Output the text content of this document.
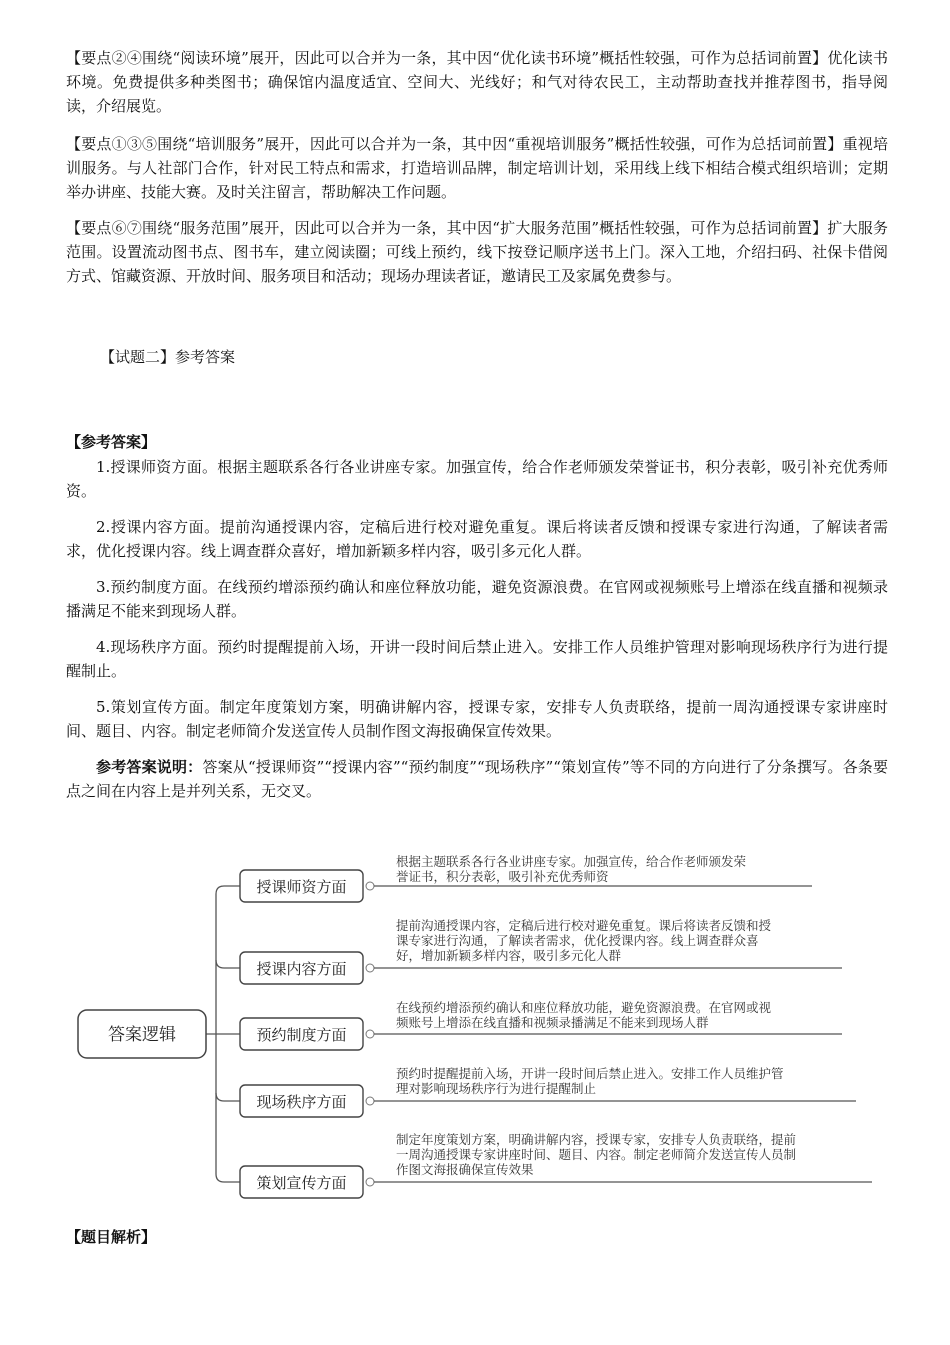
【要点②④围绕“阅读环境”展开，因此可以合并为一条，其中因“优化读书环境”概括性较强，可作为总括词前置】优化读书环境。免费提供多种类图书；确保馆内温度适宜、空间大、光线好；和气对待农民工，主动帮助查找并推荐图书，指导阅读，介绍展览。

【要点①③⑤围绕“培训服务”展开，因此可以合并为一条，其中因“重视培训服务”概括性较强，可作为总括词前置】重视培训服务。与人社部门合作，针对民工特点和需求，打造培训品牌，制定培训计划，采用线上线下相结合模式组织培训；定期举办讲座、技能大赛。及时关注留言，帮助解决工作问题。

【要点⑥⑦围绕“服务范围”展开，因此可以合并为一条，其中因“扩大服务范围”概括性较强，可作为总括词前置】扩大服务范围。设置流动图书点、图书车，建立阅读圈；可线上预约，线下按登记顺序送书上门。深入工地，介绍扫码、社保卡借阅方式、馆藏资源、开放时间、服务项目和活动；现场办理读者证，邀请民工及家属免费参与。

【试题二】参考答案

【参考答案】

1.授课师资方面。根据主题联系各行各业讲座专家。加强宣传，给合作老师颁发荣誉证书，积分表彰，吸引补充优秀师资。

2.授课内容方面。提前沟通授课内容，定稿后进行校对避免重复。课后将读者反馈和授课专家进行沟通，了解读者需求，优化授课内容。线上调查群众喜好，增加新颖多样内容，吸引多元化人群。

3.预约制度方面。在线预约增添预约确认和座位释放功能，避免资源浪费。在官网或视频账号上增添在线直播和视频录播满足不能来到现场人群。

4.现场秩序方面。预约时提醒提前入场，开讲一段时间后禁止进入。安排工作人员维护管理对影响现场秩序行为进行提醒制止。

5.策划宣传方面。制定年度策划方案，明确讲解内容，授课专家，安排专人负责联络，提前一周沟通授课专家讲座时间、题目、内容。制定老师简介发送宣传人员制作图文海报确保宣传效果。

参考答案说明：答案从“授课师资”“授课内容”“预约制度”“现场秩序”“策划宣传”等不同的方向进行了分条撰写。各条要点之间在内容上是并列关系，无交叉。

答案逻辑
授课师资方面
根据主题联系各行各业讲座专家。加强宣传，给合作老师颁发荣
誉证书，积分表彰，吸引补充优秀师资
授课内容方面
提前沟通授课内容，定稿后进行校对避免重复。课后将读者反馈和授
课专家进行沟通，了解读者需求，优化授课内容。线上调查群众喜
好，增加新颖多样内容，吸引多元化人群
预约制度方面
在线预约增添预约确认和座位释放功能，避免资源浪费。在官网或视
频账号上增添在线直播和视频录播满足不能来到现场人群
现场秩序方面
预约时提醒提前入场，开讲一段时间后禁止进入。安排工作人员维护管
理对影响现场秩序行为进行提醒制止
策划宣传方面
制定年度策划方案，明确讲解内容，授课专家，安排专人负责联络，提前
一周沟通授课专家讲座时间、题目、内容。制定老师简介发送宣传人员制
作图文海报确保宣传效果

【题目解析】
